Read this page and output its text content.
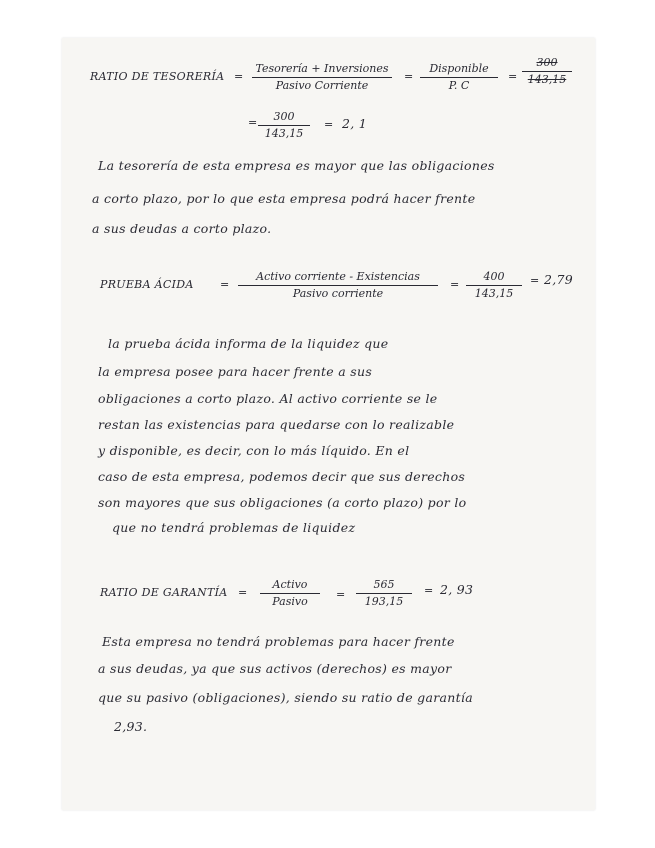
RATIO DE TESORERÍA =
Tesorería + Inversiones
Pasivo Corriente
=
Disponible
P. C
=
300
143,15
=	300
143,15
= 2, 1
La tesorería de esta empresa es mayor que las obligaciones
a corto plazo, por lo que esta empresa podrá hacer frente
a sus deudas a corto plazo.
PRUEBA ÁCIDA =
Activo corriente - Existencias
Pasivo corriente
=
400
143,15
= 2,79
la prueba ácida informa de la liquidez que
la empresa posee para hacer frente a sus
obligaciones a corto plazo. Al activo corriente se le
restan las existencias para quedarse con lo realizable
y disponible, es decir, con lo más líquido. En el
caso de esta empresa, podemos decir que sus derechos
son mayores que sus obligaciones (a corto plazo) por lo
que no tendrá problemas de liquidez
RATIO DE GARANTÍA =
Activo
Pasivo
=
565
193,15
= 2, 93
Esta empresa no tendrá problemas para hacer frente
a sus deudas, ya que sus activos (derechos) es mayor
que su pasivo (obligaciones), siendo su ratio de garantía
2,93.
